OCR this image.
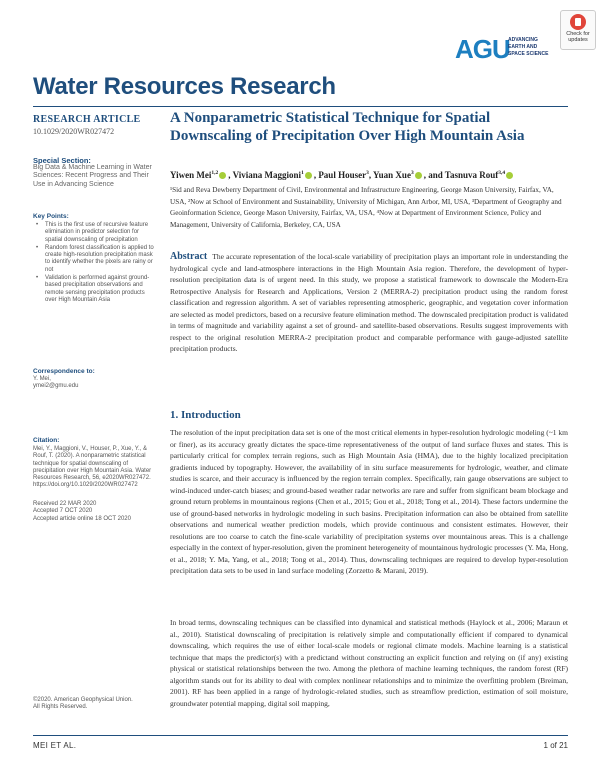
Check for
updates
AGU
ADVANCING
EARTH AND
SPACE SCIENCE
Water Resources Research
RESEARCH ARTICLE
10.1029/2020WR027472
Special Section:
Big Data & Machine Learning in Water Sciences: Recent Progress and Their Use in Advancing Science
Key Points:
• This is the first use of recursive feature elimination in predictor selection for spatial downscaling of precipitation
• Random forest classification is applied to create high-resolution precipitation mask to identify whether the pixels are rainy or not
• Validation is performed against ground-based precipitation observations and remote sensing precipitation products over High Mountain Asia
Correspondence to:
Y. Mei,
ymei2@gmu.edu
Citation:
Mei, Y., Maggioni, V., Houser, P., Xue, Y., & Rouf, T. (2020). A nonparametric statistical technique for spatial downscaling of precipitation over High Mountain Asia. Water Resources Research, 56, e2020WR027472. https://doi.org/10.1029/2020WR027472
Received 22 MAR 2020
Accepted 7 OCT 2020
Accepted article online 18 OCT 2020
©2020. American Geophysical Union.
All Rights Reserved.
A Nonparametric Statistical Technique for Spatial Downscaling of Precipitation Over High Mountain Asia
Yiwen Mei$^{1,2}$ , Viviana Maggioni$^1$ , Paul Houser$^3$, Yuan Xue$^3$ , and Tasnuva Rouf$^{3,4}$
¹Sid and Reva Dewberry Department of Civil, Environmental and Infrastructure Engineering, George Mason University, Fairfax, VA, USA, ²Now at School of Environment and Sustainability, University of Michigan, Ann Arbor, MI, USA, ³Department of Geography and Geoinformation Science, George Mason University, Fairfax, VA, USA, ⁴Now at Department of Environment Science, Policy and Management, University of California, Berkeley, CA, USA
Abstract The accurate representation of the local-scale variability of precipitation plays an important role in understanding the hydrological cycle and land-atmosphere interactions in the High Mountain Asia region. Therefore, the development of hyper-resolution precipitation data is of urgent need. In this study, we propose a statistical framework to downscale the Modern-Era Retrospective Analysis for Research and Applications, Version 2 (MERRA-2) precipitation product using the random forest classification and regression algorithm. A set of variables representing atmospheric, geographic, and vegetation cover information are selected as model predictors, based on a recursive feature elimination method. The downscaled precipitation product is validated in terms of magnitude and variability against a set of ground- and satellite-based observations. Results suggest improvements with respect to the original resolution MERRA-2 precipitation product and comparable performance with gauge-adjusted satellite precipitation products.
1. Introduction
The resolution of the input precipitation data set is one of the most critical elements in hyper-resolution hydrologic modeling (~1 km or finer), as its accuracy greatly dictates the space-time representativeness of the output of land surface fluxes and states. This is particularly critical for complex terrain regions, such as High Mountain Asia (HMA), due to the highly localized precipitation gradients induced by topography. However, the availability of in situ surface measurements for hydrologic, weather, and climate studies is scarce, and their accuracy is influenced by the region terrain complex. Specifically, rain gauge observations are subject to wind-induced under-catch biases; and ground-based weather radar networks are rare and suffer from significant beam blockage and ground return problems in mountainous regions (Chen et al., 2015; Gou et al., 2018; Tong et al., 2014). These factors undermine the use of ground-based networks in hydrologic modeling in such basins. Precipitation information can also be obtained from satellite observations and numerical weather prediction models, which provide continuous and consistent estimates. However, their resolutions are too coarse to catch the fine-scale variability of precipitation systems over mountainous areas. This is a challenge especially in the context of hyper-resolution, given the prominent heterogeneity of mountainous hydrologic processes (Y. Ma, Hong, et al., 2018; Y. Ma, Yang, et al., 2018; Tong et al., 2014). Thus, downscaling techniques are required to develop hyper-resolution precipitation data sets to be used in land surface modeling (Zorzetto & Marani, 2019).
In broad terms, downscaling techniques can be classified into dynamical and statistical methods (Haylock et al., 2006; Maraun et al., 2010). Statistical downscaling of precipitation is relatively simple and computationally efficient if compared to dynamical downscaling, which requires the use of either local-scale models or regional climate models. Machine learning is a statistical technique that maps the predictor(s) with a predictand without constructing an explicit function and relying on (if any) existing physical or statistical relationships between the two. Among the plethora of machine learning techniques, the random forest (RF) algorithm stands out for its ability to deal with complex nonlinear relationships and to minimize the overfitting problem (Breiman, 2001). RF has been applied in a range of hydrologic-related studies, such as streamflow prediction, estimation of soil moisture, groundwater potential mapping, digital soil mapping,
MEI ET AL.	1 of 21
